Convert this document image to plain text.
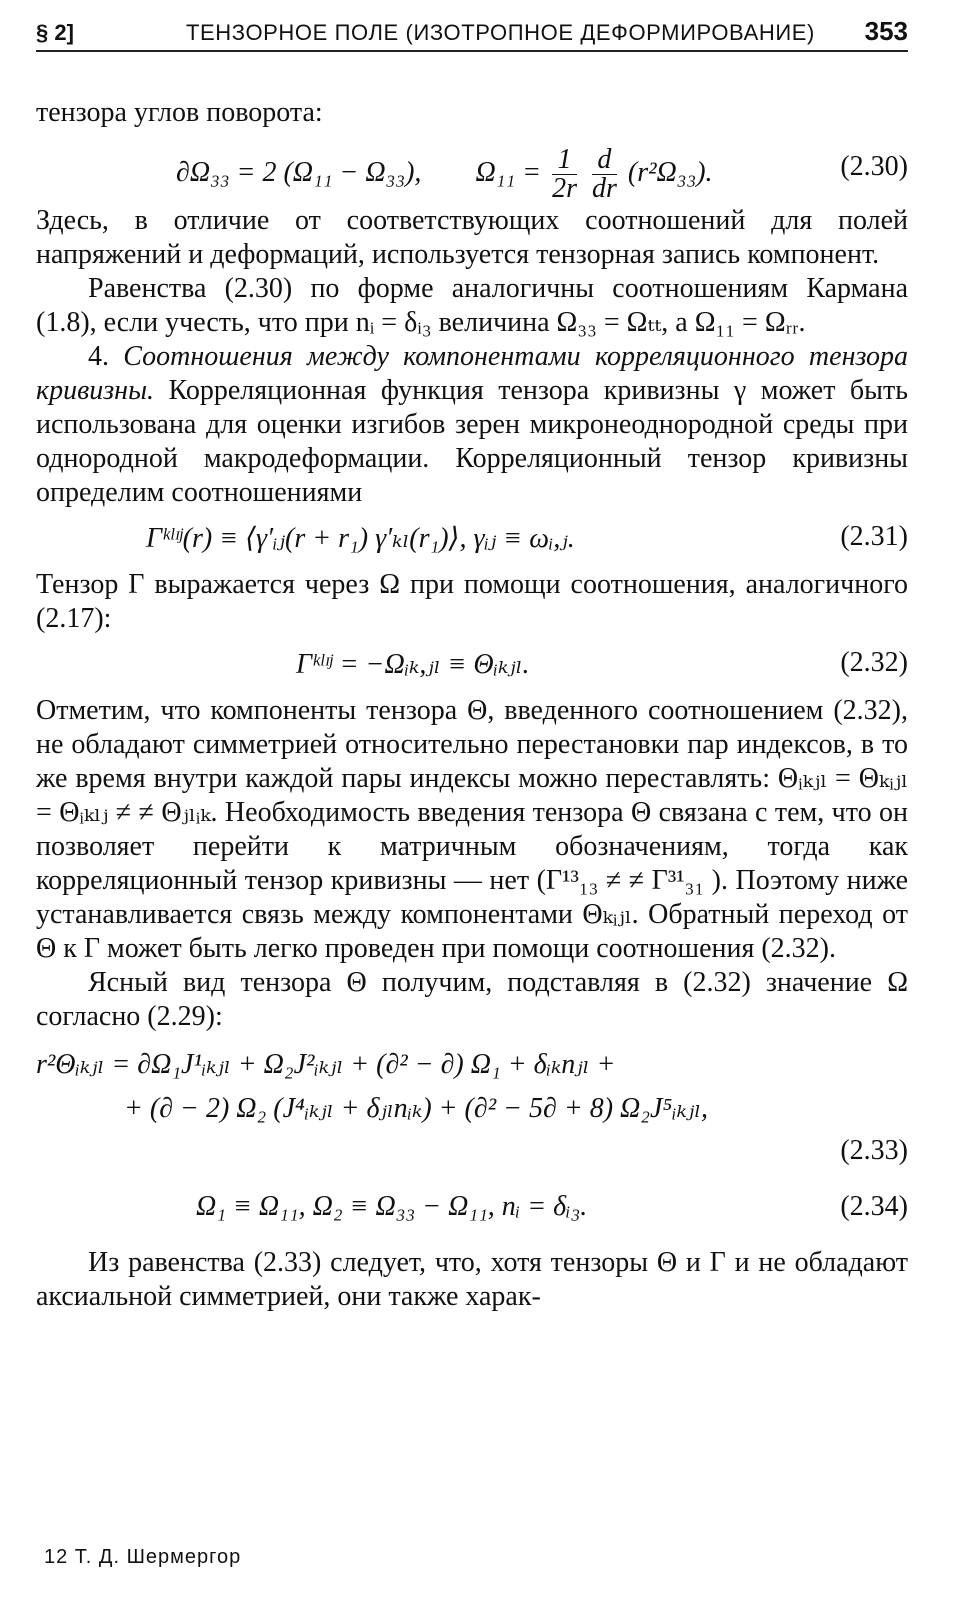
§ 2]	ТЕНЗОРНОЕ ПОЛЕ (ИЗОТРОПНОЕ ДЕФОРМИРОВАНИЕ) 353

тензора углов поворота:

∂Ω₃₃ = 2 (Ω₁₁ − Ω₃₃), $\Omega_{11} = \frac{1}{2r}$
$\frac{d}{dr} (r^2\Omega_{33})$.	(2.30)

Здесь, в отличие от соответствующих соотношений для полей напряжений и деформаций, используется тензорная запись компонент.

Равенства (2.30) по форме аналогичны соотношениям Кармана (1.8), если учесть, что при nᵢ = δᵢ₃ величина Ω₃₃ = Ωₜₜ, а Ω₁₁ = Ωᵣᵣ.

4. Соотношения между компонентами корреляционного тензора кривизны. Корреляционная функция тензора кривизны γ может быть использована для оценки изгибов зерен микронеоднородной среды при однородной макродеформации. Корреляционный тензор кривизны определим соотношениями

Γᵏˡᶦʲ(r) ≡ ⟨γ′ᵢⱼ(r + r₁) γ′ₖₗ(r₁)⟩, γᵢⱼ ≡ ωᵢ,ⱼ.	(2.31)

Тензор Γ выражается через Ω при помощи соотношения, аналогичного (2.17):

Γᵏˡᶦʲ = −Ωᵢₖ,ⱼₗ ≡ Θᵢₖⱼₗ.	(2.32)

Отметим, что компоненты тензора Θ, введенного соотношением (2.32), не обладают симметрией относительно перестановки пар индексов, в то же время внутри каждой пары индексы можно переставлять: Θᵢₖⱼₗ = Θₖᵢⱼₗ = Θᵢₖₗⱼ ≠ ≠ Θⱼₗᵢₖ. Необходимость введения тензора Θ связана с тем, что он позволяет перейти к матричным обозначениям, тогда как корреляционный тензор кривизны — нет (Γ¹³₁₃ ≠ ≠ Γ³¹₃₁ ). Поэтому ниже устанавливается связь между компонентами Θₖᵢⱼₗ. Обратный переход от Θ к Γ может быть легко проведен при помощи соотношения (2.32).

Ясный вид тензора Θ получим, подставляя в (2.32) значение Ω согласно (2.29):

r²Θᵢₖⱼₗ = ∂Ω₁J¹ᵢₖⱼₗ + Ω₂J²ᵢₖⱼₗ + (∂² − ∂) Ω₁ + δᵢₖnⱼₗ +
+ (∂ − 2) Ω₂ (J⁴ᵢₖⱼₗ + δⱼₗnᵢₖ) + (∂² − 5∂ + 8) Ω₂J⁵ᵢₖⱼₗ,
(2.33)
Ω₁ ≡ Ω₁₁, Ω₂ ≡ Ω₃₃ − Ω₁₁, nᵢ = δᵢ₃.	(2.34)

Из равенства (2.33) следует, что, хотя тензоры Θ и Γ и не обладают аксиальной симметрией, они также харак-

12 Т. Д. Шермергор
